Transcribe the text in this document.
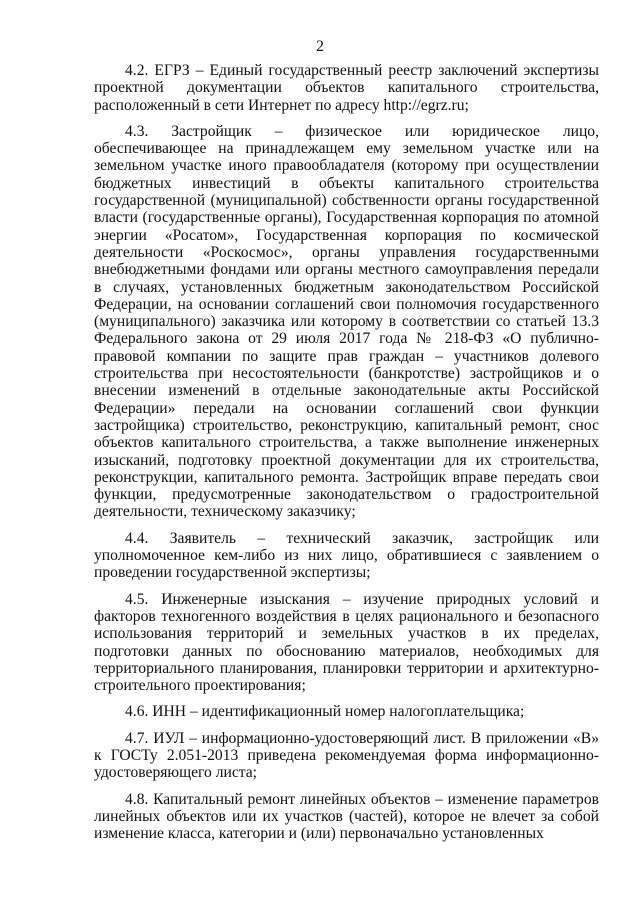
2

4.2. ЕГРЗ – Единый государственный реестр заключений экспертизы проектной документации объектов капитального строительства, расположенный в сети Интернет по адресу http://egrz.ru;

4.3. Застройщик – физическое или юридическое лицо, обеспечивающее на принадлежащем ему земельном участке или на земельном участке иного правообладателя (которому при осуществлении бюджетных инвестиций в объекты капитального строительства государственной (муниципальной) собственности органы государственной власти (государственные органы), Государственная корпорация по атомной энергии «Росатом», Государственная корпорация по космической деятельности «Роскосмос», органы управления государственными внебюджетными фондами или органы местного самоуправления передали в случаях, установленных бюджетным законодательством Российской Федерации, на основании соглашений свои полномочия государственного (муниципального) заказчика или которому в соответствии со статьей 13.3 Федерального закона от 29 июля 2017 года № 218-ФЗ «О публично-правовой компании по защите прав граждан – участников долевого строительства при несостоятельности (банкротстве) застройщиков и о внесении изменений в отдельные законодательные акты Российской Федерации» передали на основании соглашений свои функции застройщика) строительство, реконструкцию, капитальный ремонт, снос объектов капитального строительства, а также выполнение инженерных изысканий, подготовку проектной документации для их строительства, реконструкции, капитального ремонта. Застройщик вправе передать свои функции, предусмотренные законодательством о градостроительной деятельности, техническому заказчику;

4.4. Заявитель – технический заказчик, застройщик или уполномоченное кем-либо из них лицо, обратившиеся с заявлением о проведении государственной экспертизы;

4.5. Инженерные изыскания – изучение природных условий и факторов техногенного воздействия в целях рационального и безопасного использования территорий и земельных участков в их пределах, подготовки данных по обоснованию материалов, необходимых для территориального планирования, планировки территории и архитектурно-строительного проектирования;

4.6. ИНН – идентификационный номер налогоплательщика;

4.7. ИУЛ – информационно-удостоверяющий лист. В приложении «В» к ГОСТу 2.051-2013 приведена рекомендуемая форма информационно-удостоверяющего листа;

4.8. Капитальный ремонт линейных объектов – изменение параметров линейных объектов или их участков (частей), которое не влечет за собой изменение класса, категории и (или) первоначально установленных
